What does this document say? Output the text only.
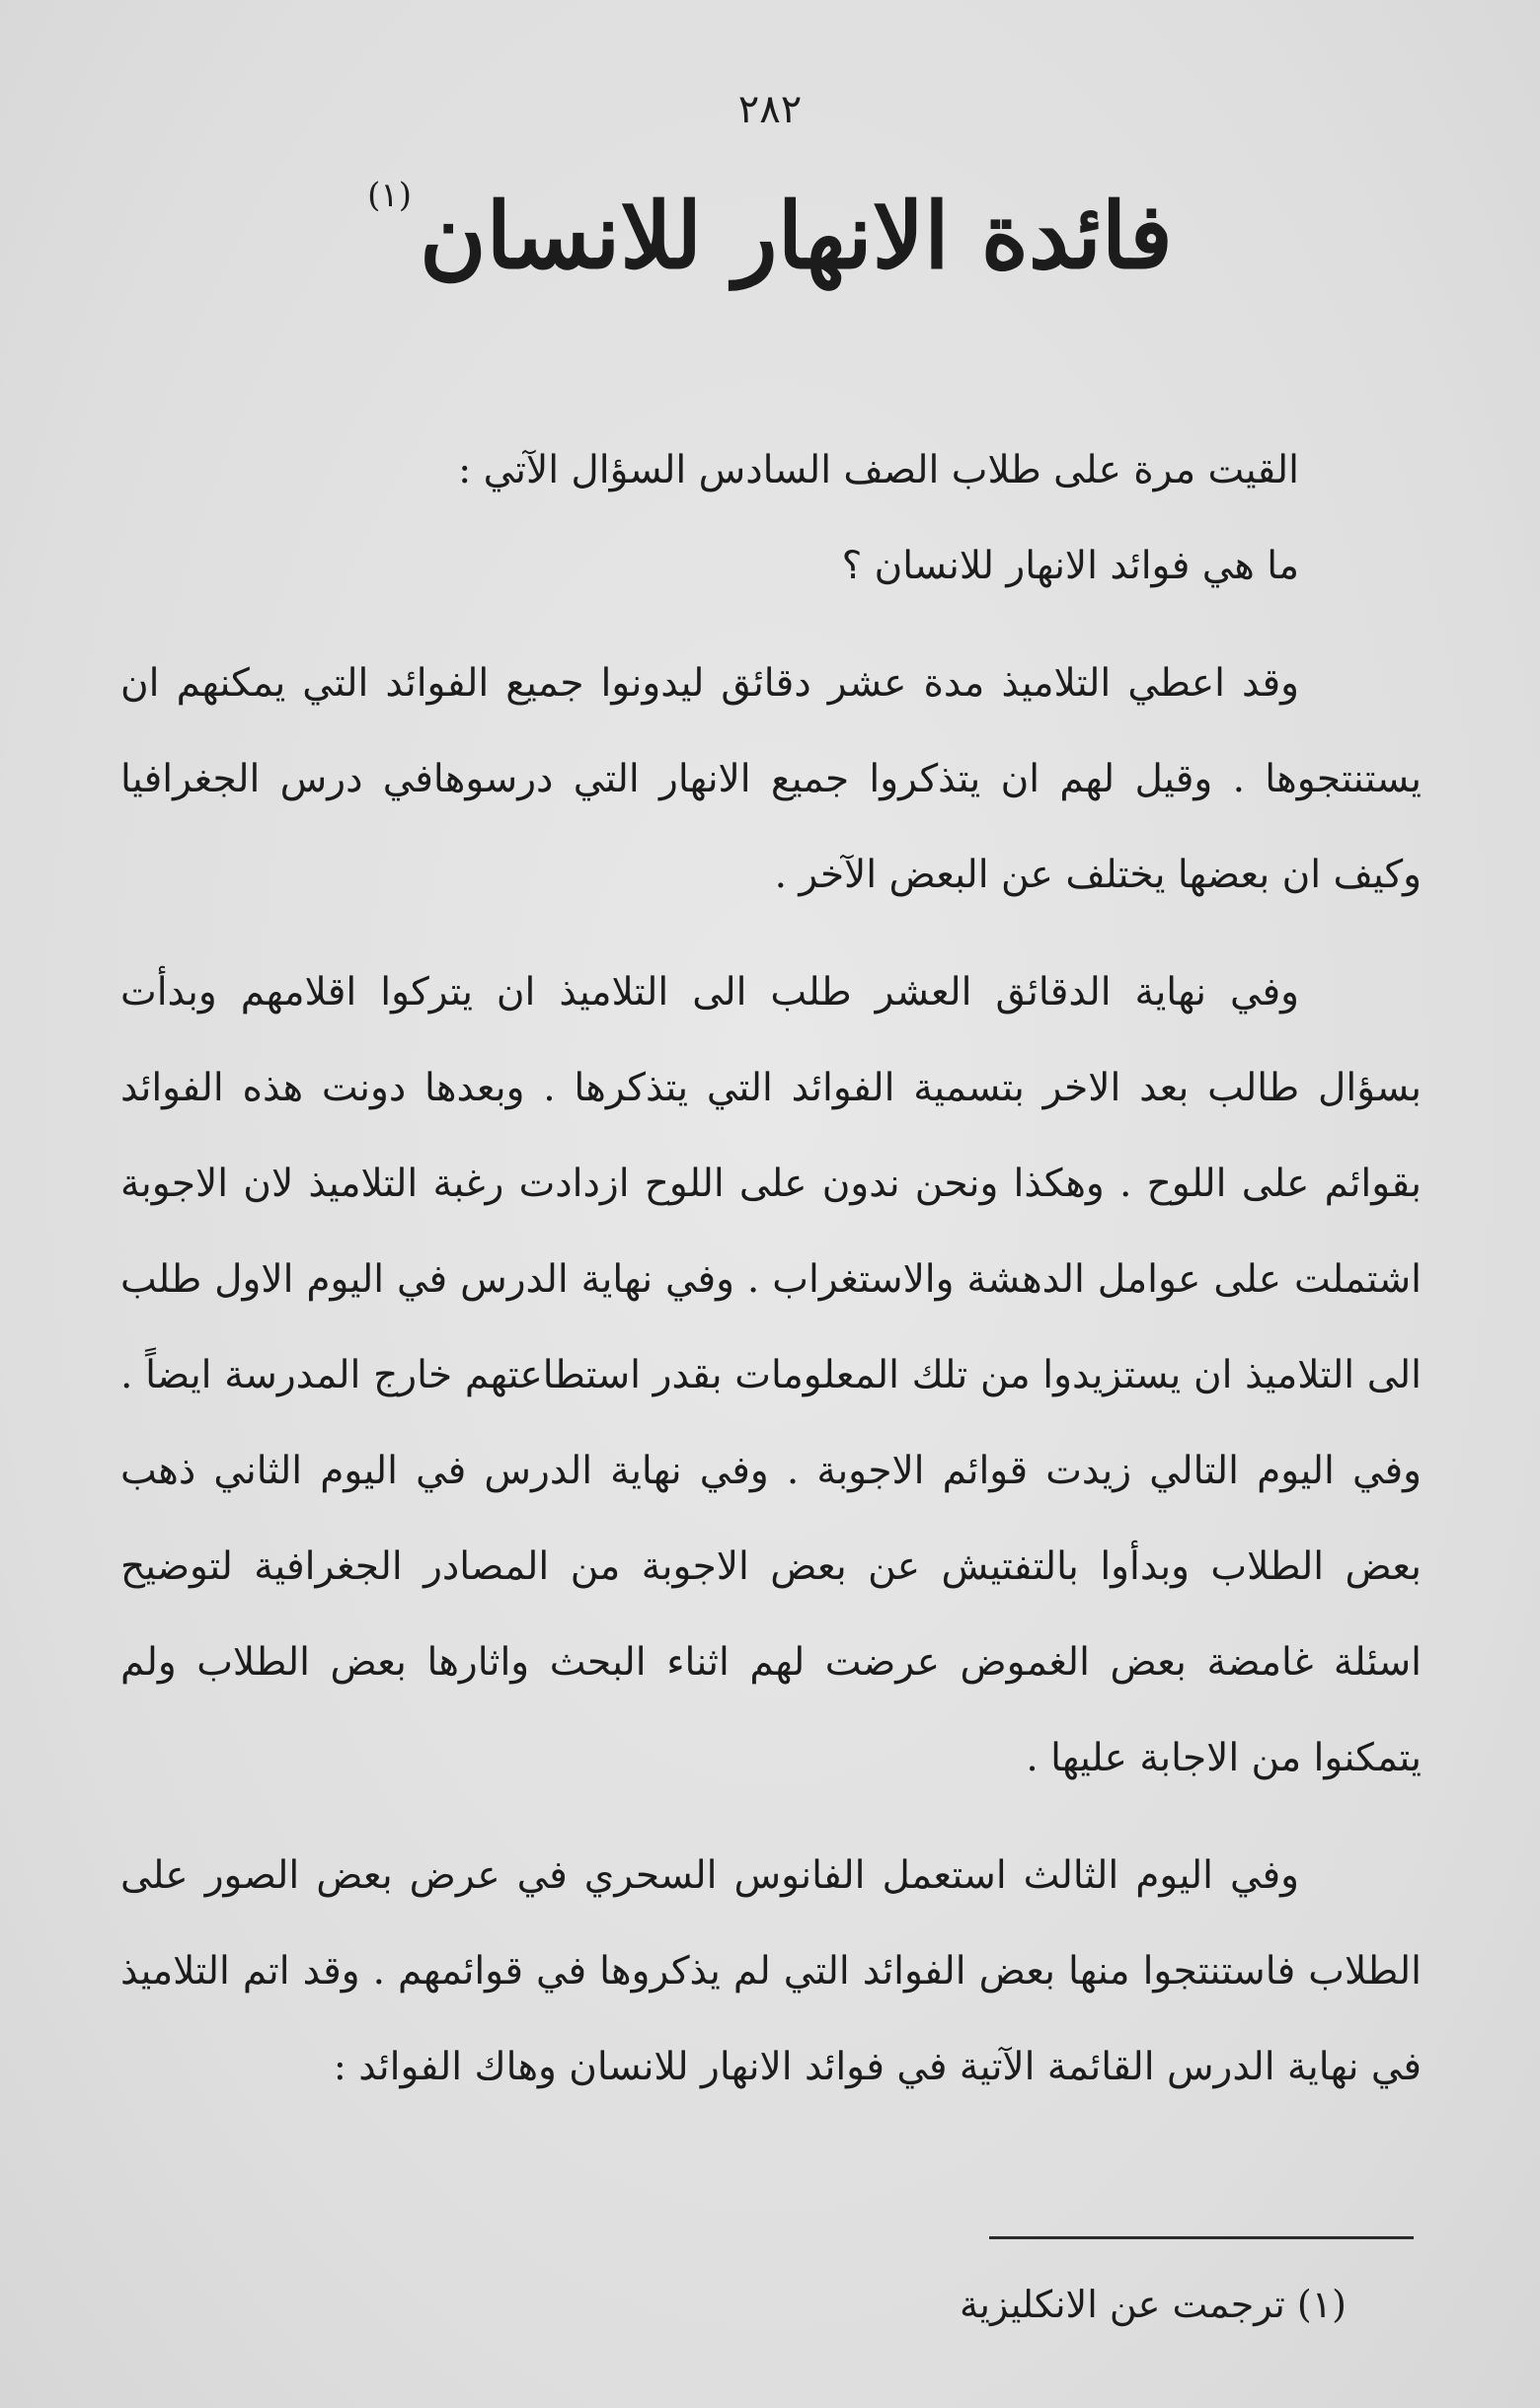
٢٨٢
فائدة الانهار للانسان$^{(١)}$

القيت مرة على طلاب الصف السادس السؤال الآتي :

ما هي فوائد الانهار للانسان ؟

وقد اعطي التلاميذ مدة عشر دقائق ليدونوا جميع الفوائد التي يمكنهم ان يستنتجوها . وقيل لهم ان يتذكروا جميع الانهار التي درسوهافي درس الجغرافيا وكيف ان بعضها يختلف عن البعض الآخر .

وفي نهاية الدقائق العشر طلب الى التلاميذ ان يتركوا اقلامهم وبدأت بسؤال طالب بعد الاخر بتسمية الفوائد التي يتذكرها . وبعدها دونت هذه الفوائد بقوائم على اللوح . وهكذا ونحن ندون على اللوح ازدادت رغبة التلاميذ لان الاجوبة اشتملت على عوامل الدهشة والاستغراب . وفي نهاية الدرس في اليوم الاول طلب الى التلاميذ ان يستزيدوا من تلك المعلومات بقدر استطاعتهم خارج المدرسة ايضاً . وفي اليوم التالي زيدت قوائم الاجوبة . وفي نهاية الدرس في اليوم الثاني ذهب بعض الطلاب وبدأوا بالتفتيش عن بعض الاجوبة من المصادر الجغرافية لتوضيح اسئلة غامضة بعض الغموض عرضت لهم اثناء البحث واثارها بعض الطلاب ولم يتمكنوا من الاجابة عليها .

وفي اليوم الثالث استعمل الفانوس السحري في عرض بعض الصور على الطلاب فاستنتجوا منها بعض الفوائد التي لم يذكروها في قوائمهم . وقد اتم التلاميذ في نهاية الدرس القائمة الآتية في فوائد الانهار للانسان وهاك الفوائد :

(١) ترجمت عن الانكليزية
